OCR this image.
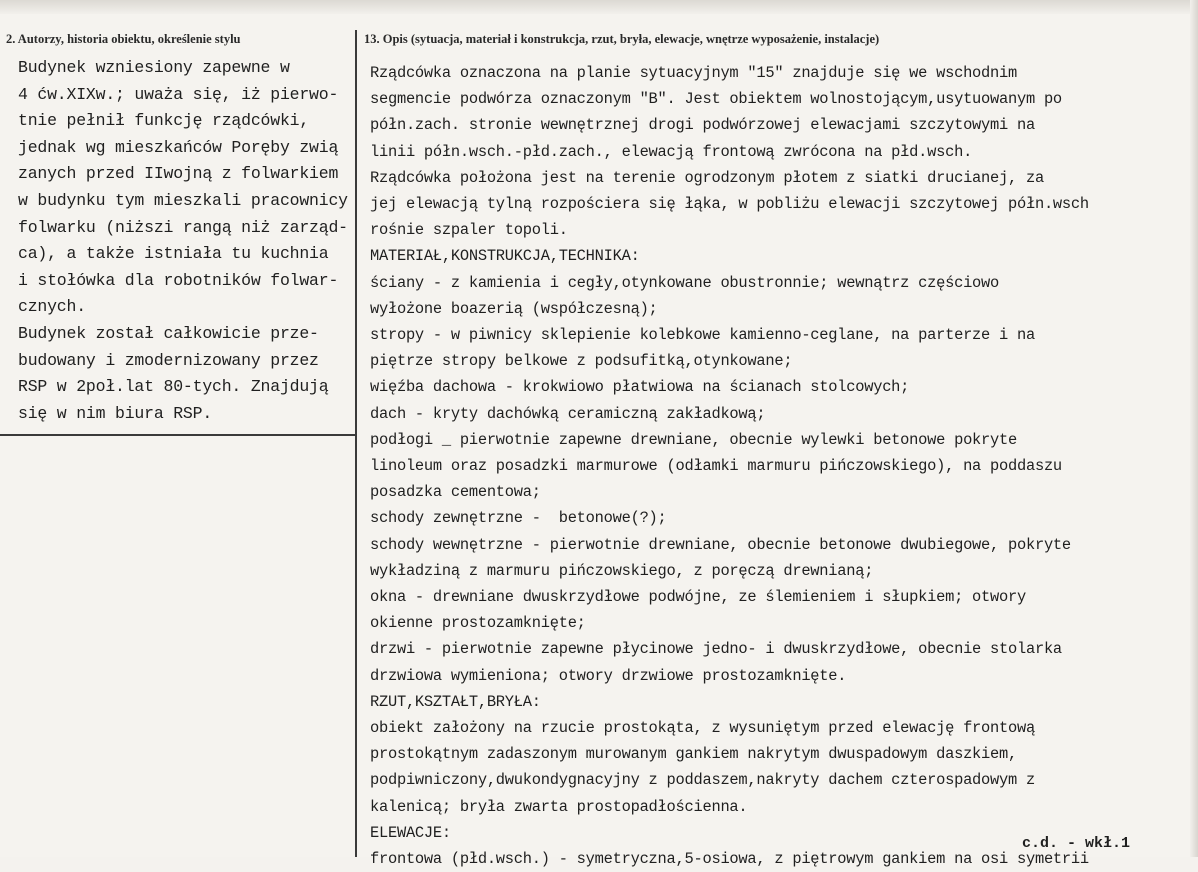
2. Autorzy, historia obiektu, określenie stylu	13. Opis (sytuacja, materiał i konstrukcja, rzut, bryła, elewacje, wnętrze wyposażenie, instalacje)
Budynek wzniesiony zapewne w
4 ćw.XIXw.; uważa się, iż pierwo-
tnie pełnił funkcję rządcówki,
jednak wg mieszkańców Poręby zwią
zanych przed IIwojną z folwarkiem
w budynku tym mieszkali pracownicy
folwarku (niższi rangą niż zarząd-
ca), a także istniała tu kuchnia
i stołówka dla robotników folwar-
cznych.
Budynek został całkowicie prze-
budowany i zmodernizowany przez
RSP w 2poł.lat 80-tych. Znajdują
się w nim biura RSP.
Rządcówka oznaczona na planie sytuacyjnym "15" znajduje się we wschodnim
segmencie podwórza oznaczonym "B". Jest obiektem wolnostojącym,usytuowanym po
półn.zach. stronie wewnętrznej drogi podwórzowej elewacjami szczytowymi na
linii półn.wsch.-płd.zach., elewacją frontową zwrócona na płd.wsch.
Rządcówka położona jest na terenie ogrodzonym płotem z siatki drucianej, za
jej elewacją tylną rozpościera się łąka, w pobliżu elewacji szczytowej półn.wsch
rośnie szpaler topoli.
MATERIAŁ,KONSTRUKCJA,TECHNIKA:
ściany - z kamienia i cegły,otynkowane obustronnie; wewnątrz częściowo
wyłożone boazerią (współczesną);
stropy - w piwnicy sklepienie kolebkowe kamienno-ceglane, na parterze i na
piętrze stropy belkowe z podsufitką,otynkowane;
więźba dachowa - krokwiowo płatwiowa na ścianach stolcowych;
dach - kryty dachówką ceramiczną zakładkową;
podłogi _ pierwotnie zapewne drewniane, obecnie wylewki betonowe pokryte
linoleum oraz posadzki marmurowe (odłamki marmuru pińczowskiego), na poddaszu
posadzka cementowa;
schody zewnętrzne -  betonowe(?);
schody wewnętrzne - pierwotnie drewniane, obecnie betonowe dwubiegowe, pokryte
wykładziną z marmuru pińczowskiego, z poręczą drewnianą;
okna - drewniane dwuskrzydłowe podwójne, ze ślemieniem i słupkiem; otwory
okienne prostozamknięte;
drzwi - pierwotnie zapewne płycinowe jedno- i dwuskrzydłowe, obecnie stolarka
drzwiowa wymieniona; otwory drzwiowe prostozamknięte.
RZUT,KSZTAŁT,BRYŁA:
obiekt założony na rzucie prostokąta, z wysuniętym przed elewację frontową
prostokątnym zadaszonym murowanym gankiem nakrytym dwuspadowym daszkiem,
podpiwniczony,dwukondygnacyjny z poddaszem,nakryty dachem czterospadowym z
kalenicą; bryła zwarta prostopadłościenna.
ELEWACJE:
frontowa (płd.wsch.) - symetryczna,5-osiowa, z piętrowym gankiem na osi symetrii
c.d. - wkł.1
